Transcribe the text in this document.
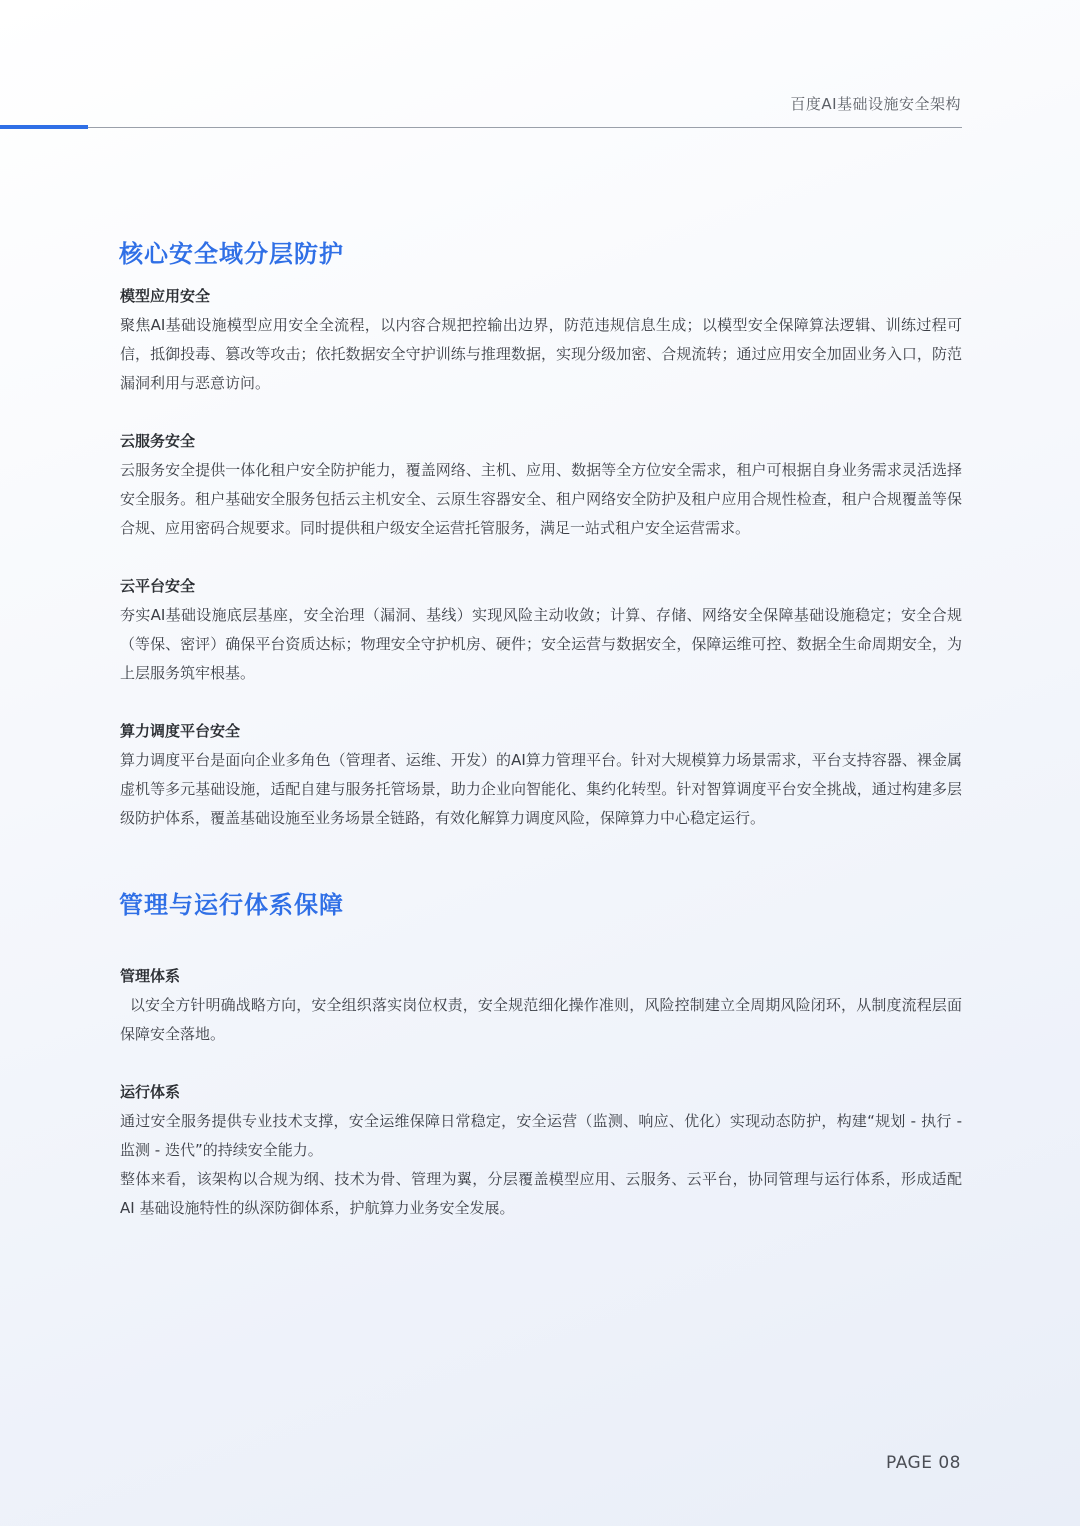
百度AI基础设施安全架构
核心安全域分层防护

模型应用安全

聚焦AI基础设施模型应用安全全流程，以内容合规把控输出边界，防范违规信息生成；以模型安全保障算法逻辑、训练过程可信，抵御投毒、篡改等攻击；依托数据安全守护训练与推理数据，实现分级加密、合规流转；通过应用安全加固业务入口，防范漏洞利用与恶意访问。

云服务安全

云服务安全提供一体化租户安全防护能力，覆盖网络、主机、应用、数据等全方位安全需求，租户可根据自身业务需求灵活选择安全服务。租户基础安全服务包括云主机安全、云原生容器安全、租户网络安全防护及租户应用合规性检查，租户合规覆盖等保合规、应用密码合规要求。同时提供租户级安全运营托管服务，满足一站式租户安全运营需求。

云平台安全

夯实AI基础设施底层基座，安全治理（漏洞、基线）实现风险主动收敛；计算、存储、网络安全保障基础设施稳定；安全合规（等保、密评）确保平台资质达标；物理安全守护机房、硬件；安全运营与数据安全，保障运维可控、数据全生命周期安全，为上层服务筑牢根基。

算力调度平台安全

算力调度平台是面向企业多角色（管理者、运维、开发）的AI算力管理平台。针对大规模算力场景需求，平台支持容器、裸金属虚机等多元基础设施，适配自建与服务托管场景，助力企业向智能化、集约化转型。针对智算调度平台安全挑战，通过构建多层级防护体系，覆盖基础设施至业务场景全链路，有效化解算力调度风险，保障算力中心稳定运行。

管理与运行体系保障

管理体系

以安全方针明确战略方向，安全组织落实岗位权责，安全规范细化操作准则，风险控制建立全周期风险闭环，从制度流程层面保障安全落地。

运行体系

通过安全服务提供专业技术支撑，安全运维保障日常稳定，安全运营（监测、响应、优化）实现动态防护，构建“规划 - 执行 - 监测 - 迭代”的持续安全能力。

整体来看，该架构以合规为纲、技术为骨、管理为翼，分层覆盖模型应用、云服务、云平台，协同管理与运行体系，形成适配 AI 基础设施特性的纵深防御体系，护航算力业务安全发展。

PAGE 08
